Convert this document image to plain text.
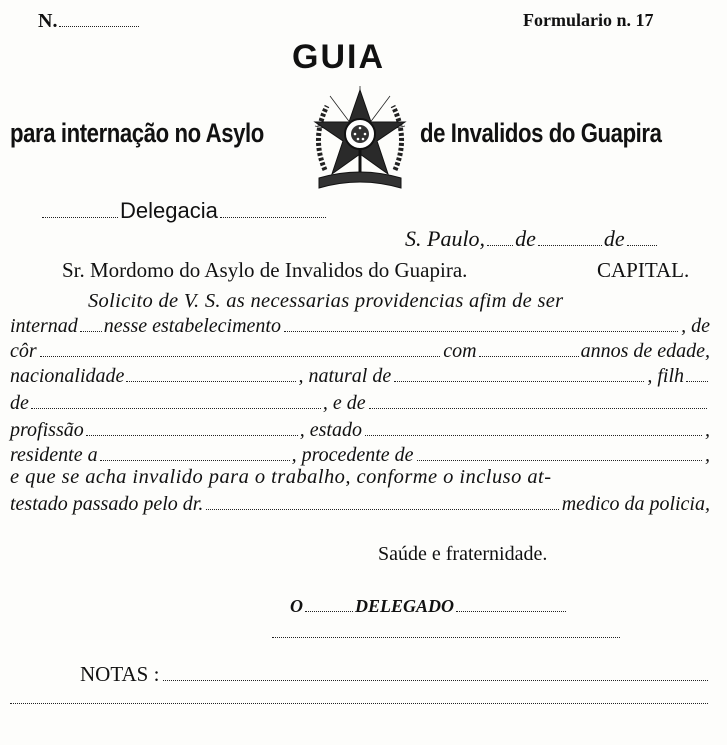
N.	Formulario n. 17
GUIA
para internação no Asylo	de Invalidos do Guapira
Delegacia
S. Paulo, de	de
Sr. Mordomo do Asylo de Invalidos do Guapira.	CAPITAL.
Solicito de V. S. as necessarias providencias afim de ser
internad nesse estabelecimento	, de
côr	com	annos de edade,
nacionalidade	, natural de	, filh
de	, e de
profissão	, estado	,
residente a	, procedente de	,
e que se acha invalido para o trabalho, conforme o incluso at-
testado passado pelo dr.	medico da policia,
Saúde e fraternidade.
O	DELEGADO
NOTAS :
